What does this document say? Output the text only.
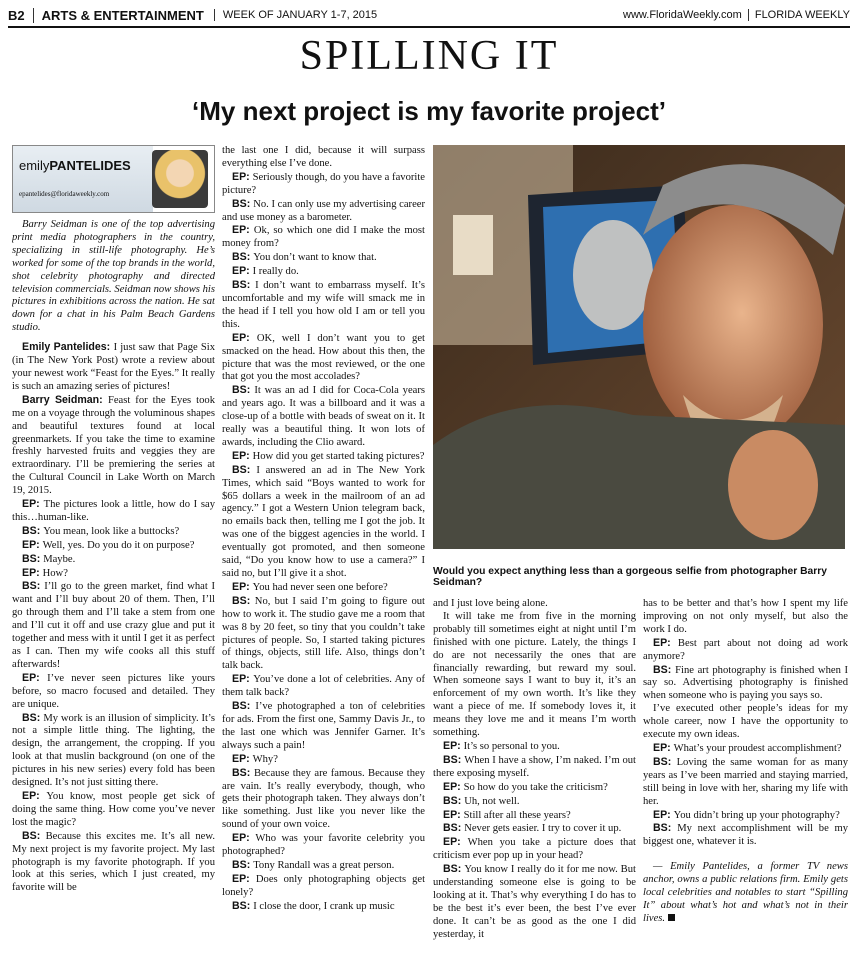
B2	ARTS & ENTERTAINMENT	WEEK OF JANUARY 1-7, 2015	www.FloridaWeekly.com	FLORIDA WEEKLY
SPILLING IT
‘My next project is my favorite project’
emilyPANTELIDES
epantelides@floridaweekly.com

Barry Seidman is one of the top advertising print media photographers in the country, specializing in still-life photography. He’s worked for some of the top brands in the world, shot celebrity photography and directed television commercials. Seidman now shows his pictures in exhibitions across the nation. He sat down for a chat in his Palm Beach Gardens studio.

Emily Pantelides: I just saw that Page Six (in The New York Post) wrote a review about your newest work “Feast for the Eyes.” It really is such an amazing series of pictures!

Barry Seidman: Feast for the Eyes took me on a voyage through the voluminous shapes and beautiful textures found at local greenmarkets. If you take the time to examine freshly harvested fruits and veggies they are extraordinary. I’ll be premiering the series at the Cultural Council in Lake Worth on March 19, 2015.

EP: The pictures look a little, how do I say this…human-like.

BS: You mean, look like a buttocks?

EP: Well, yes. Do you do it on purpose?

BS: Maybe.

EP: How?

BS: I’ll go to the green market, find what I want and I’ll buy about 20 of them. Then, I’ll go through them and I’ll take a stem from one and I’ll cut it off and use crazy glue and put it together and mess with it until I get it as perfect as I can. Then my wife cooks all this stuff afterwards!

EP: I’ve never seen pictures like yours before, so macro focused and detailed. They are unique.

BS: My work is an illusion of simplicity. It’s not a simple little thing. The lighting, the design, the arrangement, the cropping. If you look at that muslin background (on one of the pictures in his new series) every fold has been designed. It’s not just sitting there.

EP: You know, most people get sick of doing the same thing. How come you’ve never lost the magic?

BS: Because this excites me. It’s all new. My next project is my favorite project. My last photograph is my favorite photograph. If you look at this series, which I just created, my favorite will be

the last one I did, because it will surpass everything else I’ve done.

EP: Seriously though, do you have a favorite picture?

BS: No. I can only use my advertising career and use money as a barometer.

EP: Ok, so which one did I make the most money from?

BS: You don’t want to know that.

EP: I really do.

BS: I don’t want to embarrass myself. It’s uncomfortable and my wife will smack me in the head if I tell you how old I am or tell you this.

EP: OK, well I don’t want you to get smacked on the head. How about this then, the picture that was the most reviewed, or the one that got you the most accolades?

BS: It was an ad I did for Coca-Cola years and years ago. It was a billboard and it was a close-up of a bottle with beads of sweat on it. It really was a beautiful thing. It won lots of awards, including the Clio award.

EP: How did you get started taking pictures?

BS: I answered an ad in The New York Times, which said “Boys wanted to work for $65 dollars a week in the mailroom of an ad agency.” I got a Western Union telegram back, no emails back then, telling me I got the job. It was one of the biggest agencies in the world. I eventually got promoted, and then someone said, “Do you know how to use a camera?” I said no, but I’ll give it a shot.

EP: You had never seen one before?

BS: No, but I said I’m going to figure out how to work it. The studio gave me a room that was 8 by 20 feet, so tiny that you couldn’t take pictures of people. So, I started taking pictures of things, objects, still life. Also, things don’t talk back.

EP: You’ve done a lot of celebrities. Any of them talk back?

BS: I’ve photographed a ton of celebrities for ads. From the first one, Sammy Davis Jr., to the last one which was Jennifer Garner. It’s always such a pain!

EP: Why?

BS: Because they are famous. Because they are vain. It’s really everybody, though, who gets their photograph taken. They always don’t like something. Just like you never like the sound of your own voice.

EP: Who was your favorite celebrity you photographed?

BS: Tony Randall was a great person.

EP: Does only photographing objects get lonely?

BS: I close the door, I crank up music

Would you expect anything less than a gorgeous selfie from photographer Barry Seidman?

and I just love being alone.

It will take me from five in the morning probably till sometimes eight at night until I’m finished with one picture. Lately, the things I do are not necessarily the ones that are financially rewarding, but reward my soul. When someone says I want to buy it, it’s an enforcement of my own worth. It’s like they want a piece of me. If somebody loves it, it means they love me and it means I’m worth something.

EP: It’s so personal to you.

BS: When I have a show, I’m naked. I’m out there exposing myself.

EP: So how do you take the criticism?

BS: Uh, not well.

EP: Still after all these years?

BS: Never gets easier. I try to cover it up.

EP: When you take a picture does that criticism ever pop up in your head?

BS: You know I really do it for me now. But understanding someone else is going to be looking at it. That’s why everything I do has to be the best it’s ever been, the best I’ve ever done. It can’t be as good as the one I did yesterday, it

has to be better and that’s how I spent my life improving on not only myself, but also the work I do.

EP: Best part about not doing ad work anymore?

BS: Fine art photography is finished when I say so. Advertising photography is finished when someone who is paying you says so.

I’ve executed other people’s ideas for my whole career, now I have the opportunity to execute my own ideas.

EP: What’s your proudest accomplishment?

BS: Loving the same woman for as many years as I’ve been married and staying married, still being in love with her, sharing my life with her.

EP: You didn’t bring up your photography?

BS: My next accomplishment will be my biggest one, whatever it is.

— Emily Pantelides, a former TV news anchor, owns a public relations firm. Emily gets local celebrities and notables to start “Spilling It” about what’s hot and what’s not in their lives.
